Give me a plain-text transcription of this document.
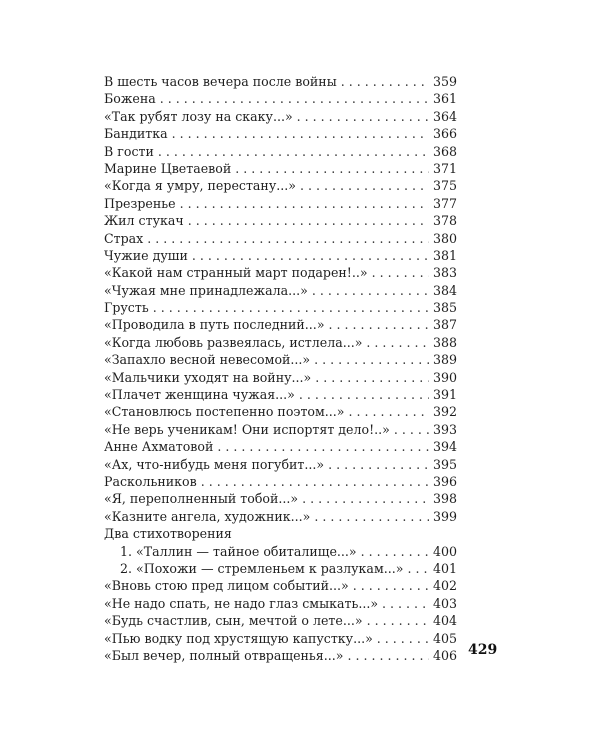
В шесть часов вечера после войны . . .	359
Божена . . .	361
«Так рубят лозу на скаку...» . . .	364
Бандитка . . .	366
В гости . . .	368
Марине Цветаевой . . .	371
«Когда я умру, перестану...» . . .	375
Презренье . . .	377
Жил стукач . . .	378
Страх . . .	380
Чужие души . . .	381
«Какой нам странный март подарен!..» . . .	383
«Чужая мне принадлежала...» . . .	384
Грусть . . .	385
«Проводила в путь последний...» . . .	387
«Когда любовь развеялась, истлела...» . . .	388
«Запахло весной невесомой...» . . .	389
«Мальчики уходят на войну...» . . .	390
«Плачет женщина чужая...» . . .	391
«Становлюсь постепенно поэтом...» . . .	392
«Не верь ученикам! Они испортят дело!..» . . .	393
Анне Ахматовой . . .	394
«Ах, что-нибудь меня погубит...» . . .	395
Раскольников . . .	396
«Я, переполненный тобой...» . . .	398
«Казните ангела, художник...» . . .	399
Два стихотворения
1. «Таллин — тайное обиталище...» . . .	400
2. «Похожи — стремленьем к разлукам...» . . .	401
«Вновь стою пред лицом событий...» . . .	402
«Не надо спать, не надо глаз смыкать...» . . .	403
«Будь счастлив, сын, мечтой о лете...» . . .	404
«Пью водку под хрустящую капустку...» . . .	405
«Был вечер, полный отвращенья...» . . .	406 429
